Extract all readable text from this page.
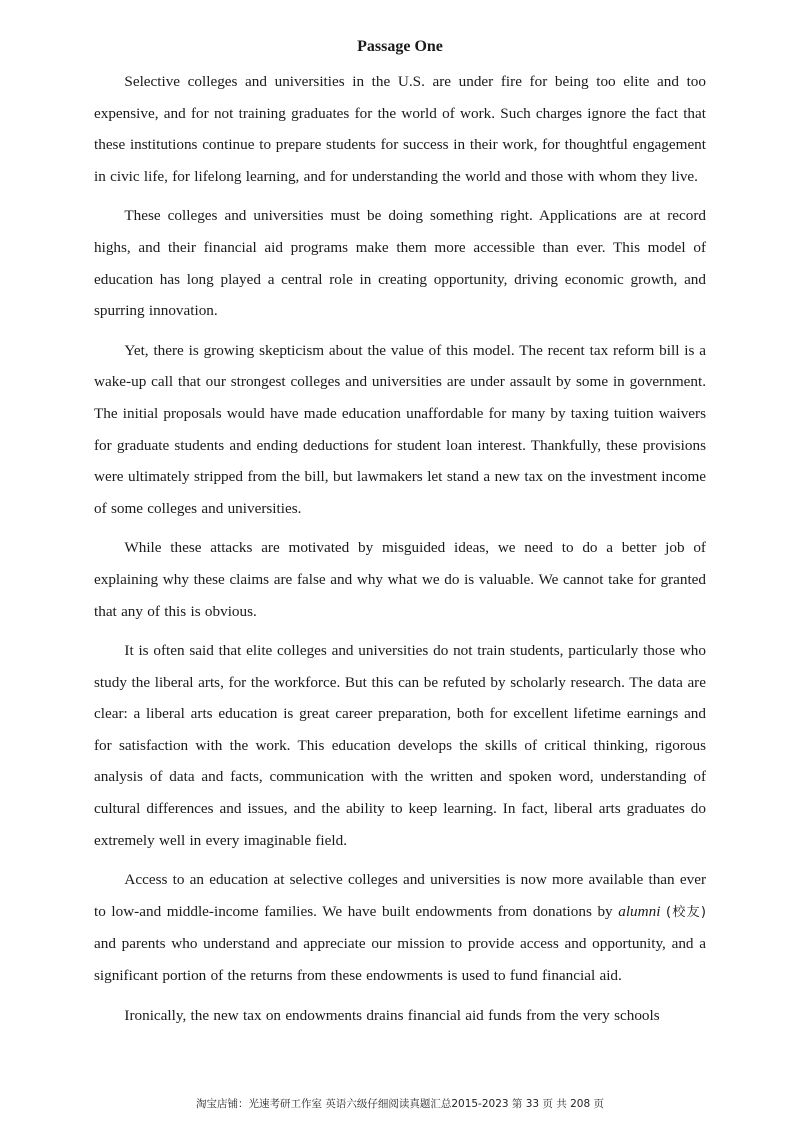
Passage One

Selective colleges and universities in the U.S. are under fire for being too elite and too expensive, and for not training graduates for the world of work. Such charges ignore the fact that these institutions continue to prepare students for success in their work, for thoughtful engagement in civic life, for lifelong learning, and for understanding the world and those with whom they live.

These colleges and universities must be doing something right. Applications are at record highs, and their financial aid programs make them more accessible than ever. This model of education has long played a central role in creating opportunity, driving economic growth, and spurring innovation.

Yet, there is growing skepticism about the value of this model. The recent tax reform bill is a wake-up call that our strongest colleges and universities are under assault by some in government. The initial proposals would have made education unaffordable for many by taxing tuition waivers for graduate students and ending deductions for student loan interest. Thankfully, these provisions were ultimately stripped from the bill, but lawmakers let stand a new tax on the investment income of some colleges and universities.

While these attacks are motivated by misguided ideas, we need to do a better job of explaining why these claims are false and why what we do is valuable. We cannot take for granted that any of this is obvious.

It is often said that elite colleges and universities do not train students, particularly those who study the liberal arts, for the workforce. But this can be refuted by scholarly research. The data are clear: a liberal arts education is great career preparation, both for excellent lifetime earnings and for satisfaction with the work. This education develops the skills of critical thinking, rigorous analysis of data and facts, communication with the written and spoken word, understanding of cultural differences and issues, and the ability to keep learning. In fact, liberal arts graduates do extremely well in every imaginable field.

Access to an education at selective colleges and universities is now more available than ever to low-and middle-income families. We have built endowments from donations by alumni (校友) and parents who understand and appreciate our mission to provide access and opportunity, and a significant portion of the returns from these endowments is used to fund financial aid.

Ironically, the new tax on endowments drains financial aid funds from the very schools

淘宝店铺：光速考研工作室 英语六级仔细阅读真题汇总2015-2023 第 33 页 共 208 页
